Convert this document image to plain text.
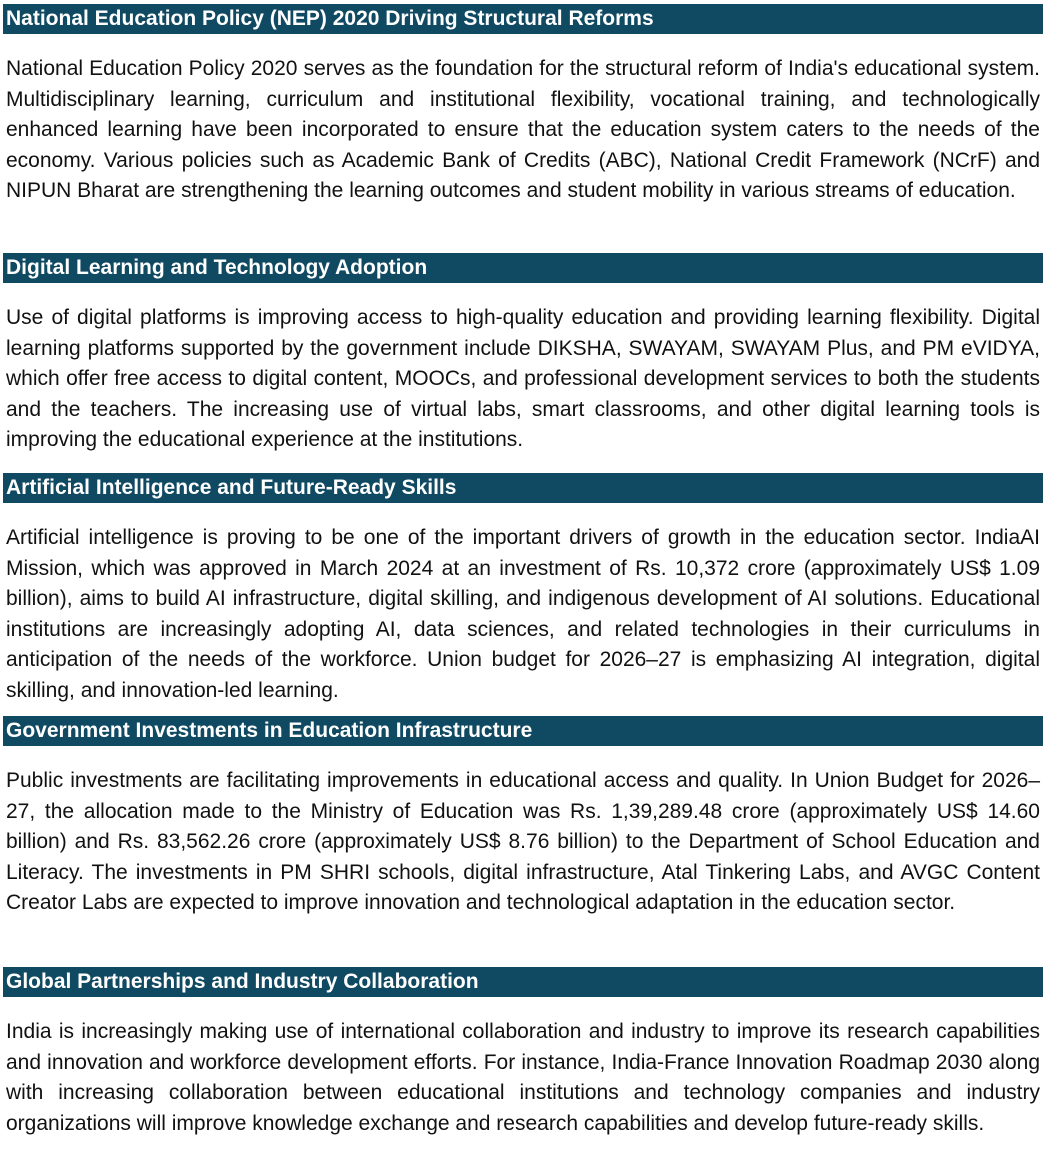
National Education Policy (NEP) 2020 Driving Structural Reforms

National Education Policy 2020 serves as the foundation for the structural reform of India's educational system. Multidisciplinary learning, curriculum and institutional flexibility, vocational training, and technologically enhanced learning have been incorporated to ensure that the education system caters to the needs of the economy. Various policies such as Academic Bank of Credits (ABC), National Credit Framework (NCrF) and NIPUN Bharat are strengthening the learning outcomes and student mobility in various streams of education.

Digital Learning and Technology Adoption

Use of digital platforms is improving access to high-quality education and providing learning flexibility. Digital learning platforms supported by the government include DIKSHA, SWAYAM, SWAYAM Plus, and PM eVIDYA, which offer free access to digital content, MOOCs, and professional development services to both the students and the teachers. The increasing use of virtual labs, smart classrooms, and other digital learning tools is improving the educational experience at the institutions.

Artificial Intelligence and Future-Ready Skills

Artificial intelligence is proving to be one of the important drivers of growth in the education sector. IndiaAI Mission, which was approved in March 2024 at an investment of Rs. 10,372 crore (approximately US$ 1.09 billion), aims to build AI infrastructure, digital skilling, and indigenous development of AI solutions. Educational institutions are increasingly adopting AI, data sciences, and related technologies in their curriculums in anticipation of the needs of the workforce. Union budget for 2026–27 is emphasizing AI integration, digital skilling, and innovation-led learning.

Government Investments in Education Infrastructure

Public investments are facilitating improvements in educational access and quality. In Union Budget for 2026–27, the allocation made to the Ministry of Education was Rs. 1,39,289.48 crore (approximately US$ 14.60 billion) and Rs. 83,562.26 crore (approximately US$ 8.76 billion) to the Department of School Education and Literacy. The investments in PM SHRI schools, digital infrastructure, Atal Tinkering Labs, and AVGC Content Creator Labs are expected to improve innovation and technological adaptation in the education sector.

Global Partnerships and Industry Collaboration

India is increasingly making use of international collaboration and industry to improve its research capabilities and innovation and workforce development efforts. For instance, India-France Innovation Roadmap 2030 along with increasing collaboration between educational institutions and technology companies and industry organizations will improve knowledge exchange and research capabilities and develop future-ready skills.
